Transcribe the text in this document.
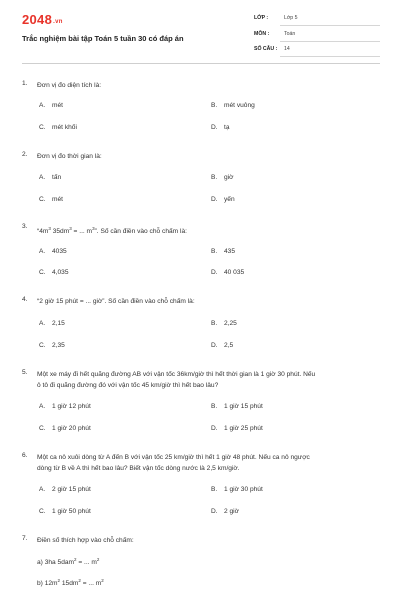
2048.vn
Trắc nghiệm bài tập Toán 5 tuần 30 có đáp án
LỚP :	Lớp 5
MÔN :	Toán
SỐ CÂU : 14
1. Đơn vị đo diện tích là:
A. mét	B. mét vuông
C. mét khối	D. tạ
2. Đơn vị đo thời gian là:
A. tấn	B. giờ
C. mét	D. yến
3.
“$4m^3$ $35dm^3$ = ... $m^3$”. Số cần điền vào chỗ chấm là:
A. 4035	B. 435
C. 4,035	D. 40 035
4. “2 giờ 15 phút = ... giờ”. Số cần điền vào chỗ chấm là:
A. 2,15	B. 2,25
C. 2,35	D. 2,5
5. Một xe máy đi hết quãng đường AB với vận tốc 36km/giờ thì hết thời gian là 1 giờ 30 phút. Nếu
ô tô đi quãng đường đó với vận tốc 45 km/giờ thì hết bao lâu?
A. 1 giờ 12 phút	B. 1 giờ 15 phút
C. 1 giờ 20 phút	D. 1 giờ 25 phút
6. Một ca nô xuôi dòng từ A đến B với vận tốc 25 km/giờ thì hết 1 giờ 48 phút. Nếu ca nô ngược
dòng từ B về A thì hết bao lâu? Biết vận tốc dòng nước là 2,5 km/giờ.
A. 2 giờ 15 phút	B. 1 giờ 30 phút
C. 1 giờ 50 phút	D. 2 giờ
7. Điền số thích hợp vào chỗ chấm:
a) 3ha 5dam$^2$ = ... $m^2$
b) $12m^2$ $15dm^2$ = ... $m^2$
